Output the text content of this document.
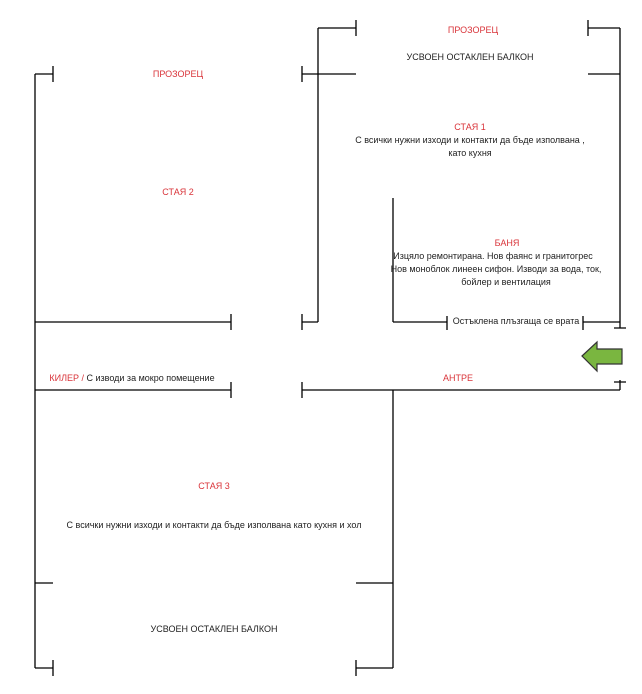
ПРОЗОРЕЦ
УСВОЕН ОСТАКЛЕН БАЛКОН
СТАЯ 1
С всички нужни изходи и контакти да бъде изполвана ,
като кухня
ПРОЗОРЕЦ
СТАЯ 2
БАНЯ
Изцяло ремонтирана. Нов фаянс и гранитогрес
Нов моноблок линеен сифон. Изводи за вода, ток,
бойлер и вентилация
Остъклена плъзгаща се врата
КИЛЕР / С изводи за мокро помещение	АНТРЕ
СТАЯ 3
С всички нужни изходи и контакти да бъде изполвана като кухня и хол
УСВОЕН ОСТАКЛЕН БАЛКОН
